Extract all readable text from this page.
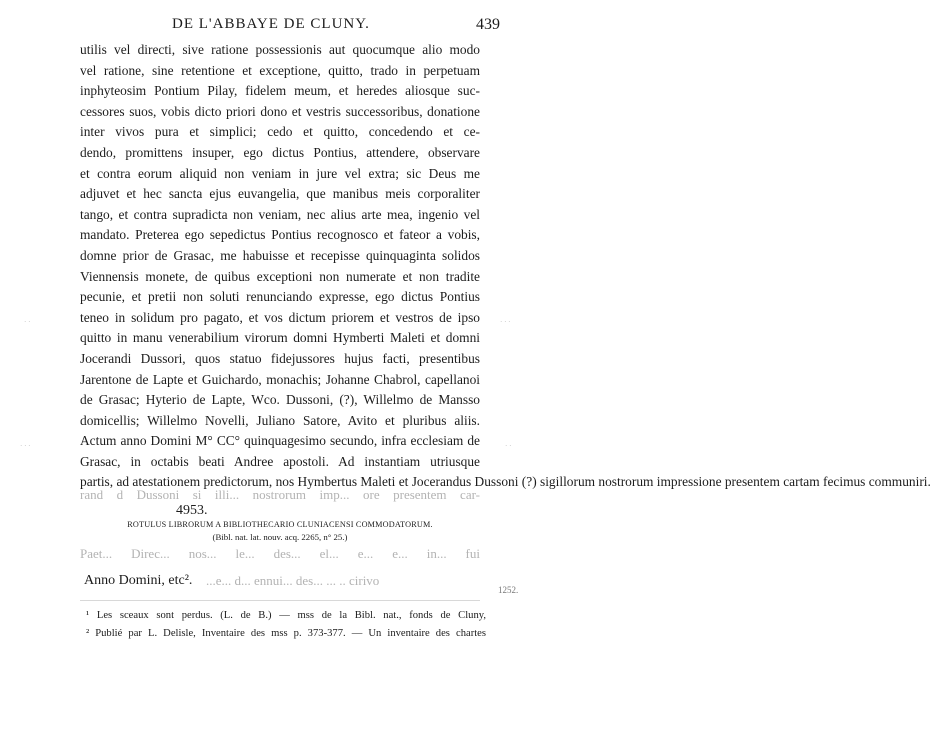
DE L'ABBAYE DE CLUNY.	439
utilis vel directi, sive ratione possessionis aut quocumque alio modo
vel ratione, sine retentione et exceptione, quitto, trado in perpetuam
inphyteosim Pontium Pilay, fidelem meum, et heredes aliosque suc-
cessores suos, vobis dicto priori dono et vestris successoribus, donatione
inter vivos pura et simplici; cedo et quitto, concedendo et ce-
dendo, promittens insuper, ego dictus Pontius, attendere, observare
et contra eorum aliquid non veniam in jure vel extra; sic Deus me
adjuvet et hec sancta ejus euvangelia, que manibus meis corporaliter
tango, et contra supradicta non veniam, nec alius arte mea, ingenio vel
mandato. Preterea ego sepedictus Pontius recognosco et fateor a vobis,
domne prior de Grasac, me habuisse et recepisse quinquaginta solidos
Viennensis monete, de quibus exceptioni non numerate et non tradite
pecunie, et pretii non soluti renunciando expresse, ego dictus Pontius
teneo in solidum pro pagato, et vos dictum priorem et vestros de ipso
quitto in manu venerabilium virorum domni Hymberti Maleti et domni
Jocerandi Dussori, quos statuo fidejussores hujus facti, presentibus
Jarentone de Lapte et Guichardo, monachis; Johanne Chabrol, capellanoi
de Grasac; Hyterio de Lapte, Wco. Dussoni, (?), Willelmo de Mansso
domicellis; Willelmo Novelli, Juliano Satore, Avito et pluribus aliis.
Actum anno Domini M° CC° quinquagesimo secundo, infra ecclesiam de
Grasac, in octabis beati Andree apostoli. Ad instantiam utriusque
partis, ad atestationem predictorum, nos Hymbertus Maleti et Jocerandus Dussoni (?) sigillorum nostrorum impressione presentem cartam fecimus communiri.
rand d Dussoni si illi... nostrorum imp... ore presentem car-
4953.
ROTULUS LIBRORUM A BIBLIOTHECARIO CLUNIACENSI COMMODATORUM.
(Bibl. nat. lat. nouv. acq. 2265, n° 25.)
Paet... Direc... nos... le... des... el... e... e... in... fui
Anno Domini, etc². ...e... d... ennui... des... ... .. cirivo
1252.
¹ Les sceaux sont perdus. (L. de B.) — mss de la Bibl. nat., fonds de Cluny,
² Publié par L. Delisle, Inventaire des mss p. 373-377. — Un inventaire des chartes
· · ·
· ·
· · ·
· ·
